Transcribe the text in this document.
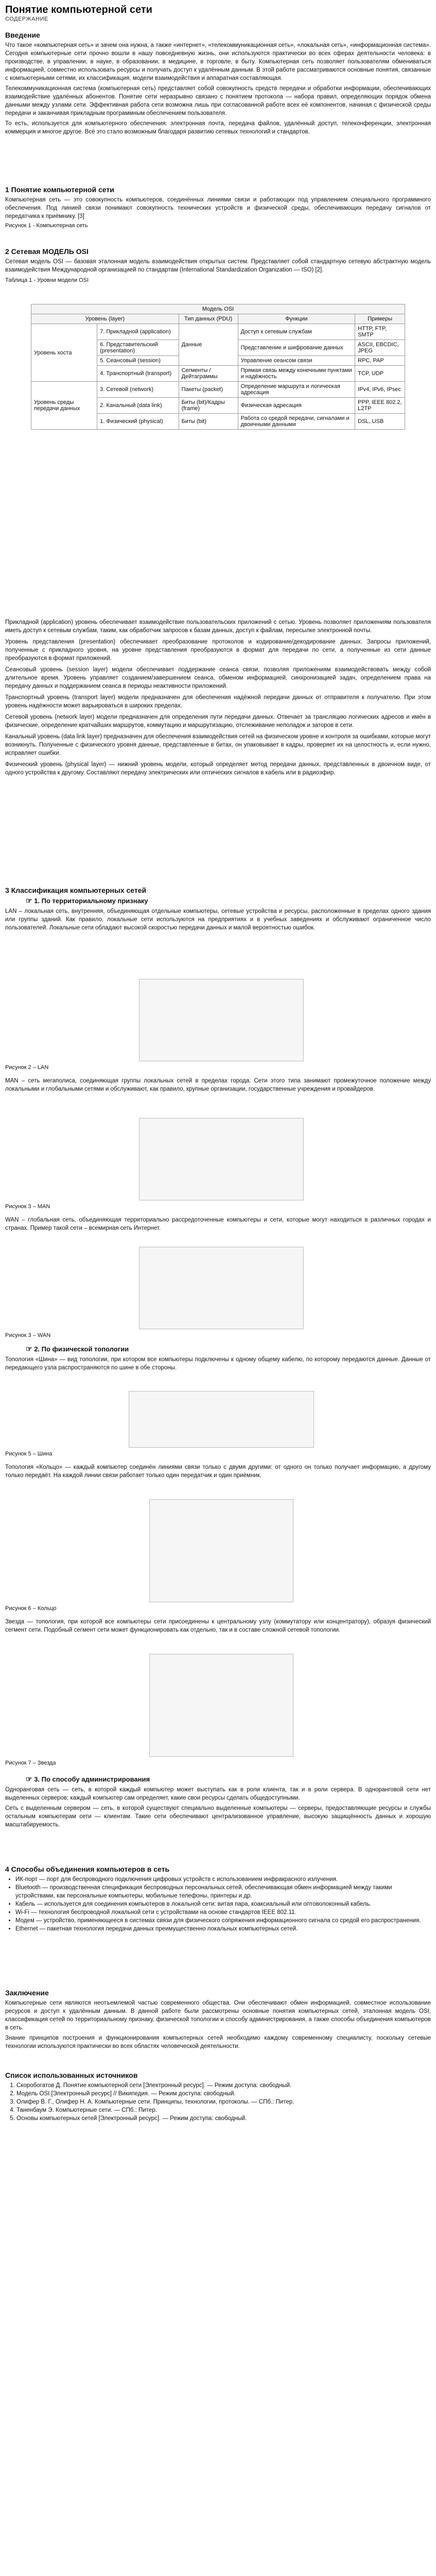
Понятие компьютерной сети
СОДЕРЖАНИЕ
Введение

Что такое «компьютерная сеть» и зачем она нужна, а также «интернет», «телекоммуникационная сеть», «локальная сеть», «информационная система». Сегодня компьютерные сети прочно вошли в нашу повседневную жизнь, они используются практически во всех сферах деятельности человека: в производстве, в управлении, в науке, в образовании, в медицине, в торговле, в быту. Компьютерная сеть позволяет пользователям обмениваться информацией, совместно использовать ресурсы и получать доступ к удалённым данным. В этой работе рассматриваются основные понятия, связанные с компьютерными сетями, их классификация, модели взаимодействия и аппаратная составляющая.

Телекоммуникационная система (компьютерная сеть) представляет собой совокупность средств передачи и обработки информации, обеспечивающих взаимодействие удалённых абонентов. Понятие сети неразрывно связано с понятием протокола — набора правил, определяющих порядок обмена данными между узлами сети. Эффективная работа сети возможна лишь при согласованной работе всех её компонентов, начиная с физической среды передачи и заканчивая прикладным программным обеспечением пользователя.

То есть, используется для компьютерного обеспечения: электронная почта, передача файлов, удалённый доступ, телеконференции, электронная коммерция и многое другое. Всё это стало возможным благодаря развитию сетевых технологий и стандартов.

1 Понятие компьютерной сети

Компьютерная сеть — это совокупность компьютеров, соединённых линиями связи и работающих под управлением специального программного обеспечения. Под линией связи понимают совокупность технических устройств и физической среды, обеспечивающих передачу сигналов от передатчика к приёмнику. [3]

Рисунок 1 - Компьютерная сеть

2 Сетевая МОДЕЛЬ OSI

Сетевая модель OSI — базовая эталонная модель взаимодействия открытых систем. Представляет собой стандартную сетевую абстрактную модель взаимодействия Международной организацией по стандартам (International Standardization Organization — ISO) [2].

Таблица 1 - Уровни модели OSI

Модель OSI				
Уровень (layer)		Тип данных (PDU)	Функции	Примеры
Уровень хоста	7. Прикладной (application)	Данные	Доступ к сетевым службам	HTTP, FTP, SMTP
	6. Представительский (presentation)		Представление и шифрование данных	ASCII, EBCDIC, JPEG
	5. Сеансовый (session)		Управление сеансом связи	RPC, PAP
	4. Транспортный (transport)	Сегменты / Дейтаграммы	Прямая связь между конечными пунктами и надёжность	TCP, UDP
Уровень среды передачи данных	3. Сетевой (network)	Пакеты (packet)	Определение маршрута и логическая адресация	IPv4, IPv6, IPsec
	2. Канальный (data link)	Биты (bit)/Кадры (frame)	Физическая адресация	PPP, IEEE 802.2, L2TP
	1. Физический (physical)	Биты (bit)	Работа со средой передачи, сигналами и двоичными данными	DSL, USB

Прикладной (application) уровень обеспечивает взаимодействие пользовательских приложений с сетью. Уровень позволяет приложениям пользователя иметь доступ к сетевым службам, таким, как обработчик запросов к базам данных, доступ к файлам, пересылке электронной почты.

Уровень представления (presentation) обеспечивает преобразование протоколов и кодирование/декодирование данных. Запросы приложений, полученные с прикладного уровня, на уровне представления преобразуются в формат для передачи по сети, а полученные из сети данные преобразуются в формат приложений.

Сеансовый уровень (session layer) модели обеспечивает поддержание сеанса связи, позволяя приложениям взаимодействовать между собой длительное время. Уровень управляет созданием/завершением сеанса, обменом информацией, синхронизацией задач, определением права на передачу данных и поддержанием сеанса в периоды неактивности приложений.

Транспортный уровень (transport layer) модели предназначен для обеспечения надёжной передачи данных от отправителя к получателю. При этом уровень надёжности может варьироваться в широких пределах.

Сетевой уровень (network layer) модели предназначен для определения пути передачи данных. Отвечает за трансляцию логических адресов и имён в физические, определение кратчайших маршрутов, коммутацию и маршрутизацию, отслеживание неполадок и заторов в сети.

Канальный уровень (data link layer) предназначен для обеспечения взаимодействия сетей на физическом уровне и контроля за ошибками, которые могут возникнуть. Полученные с физического уровня данные, представленные в битах, он упаковывает в кадры, проверяет их на целостность и, если нужно, исправляет ошибки.

Физический уровень (physical layer) — нижний уровень модели, который определяет метод передачи данных, представленных в двоичном виде, от одного устройства к другому. Составляют передачу электрических или оптических сигналов в кабель или в радиоэфир.

3 Классификация компьютерных сетей
☞ 1. По территориальному признаку

LAN – локальная сеть, внутренняя, объединяющая отдельные компьютеры, сетевые устройства и ресурсы, расположенные в пределах одного здания или группы зданий. Как правило, локальные сети используются на предприятиях и в учебных заведениях и обслуживают ограниченное число пользователей. Локальные сети обладают высокой скоростью передачи данных и малой вероятностью ошибок.

Рисунок 2 – LAN

MAN – сеть мегаполиса, соединяющая группы локальных сетей в пределах города. Сети этого типа занимают промежуточное положение между локальными и глобальными сетями и обслуживают, как правило, крупные организации, государственные учреждения и провайдеров.

Рисунок 3 – MAN

WAN – глобальная сеть, объединяющая территориально рассредоточенные компьютеры и сети, которые могут находиться в различных городах и странах. Пример такой сети – всемирная сеть Интернет.

Рисунок 3 – WAN

☞ 2. По физической топологии

Топология «Шина» — вид топологии, при котором все компьютеры подключены к одному общему кабелю, по которому передаются данные. Данные от передающего узла распространяются по шине в обе стороны.

Рисунок 5 – Шина

Топология «Кольцо» — каждый компьютер соединён линиями связи только с двумя другими: от одного он только получает информацию, а другому только передаёт. На каждой линии связи работает только один передатчик и один приёмник.

Рисунок 6 – Кольцо

Звезда — топология, при которой все компьютеры сети присоединены к центральному узлу (коммутатору или концентратору), образуя физический сегмент сети. Подобный сегмент сети может функционировать как отдельно, так и в составе сложной сетевой топологии.

Рисунок 7 – Звезда

☞ 3. По способу администрирования

Одноранговая сеть — сеть, в которой каждый компьютер может выступать как в роли клиента, так и в роли сервера. В одноранговой сети нет выделенных серверов; каждый компьютер сам определяет, какие свои ресурсы сделать общедоступными.

Сеть с выделенным сервером — сеть, в которой существуют специально выделенные компьютеры — серверы, предоставляющие ресурсы и службы остальным компьютерам сети — клиентам. Такие сети обеспечивают централизованное управление, высокую защищённость данных и хорошую масштабируемость.

4 Способы объединения компьютеров в сеть
• ИК-порт — порт для беспроводного подключения цифровых устройств с использованием инфракрасного излучения.
• Bluetooth — производственная спецификация беспроводных персональных сетей, обеспечивающая обмен информацией между такими устройствами, как персональные компьютеры, мобильные телефоны, принтеры и др.
• Кабель — используется для соединения компьютеров в локальной сети: витая пара, коаксиальный или оптоволоконный кабель.
• Wi-Fi — технология беспроводной локальной сети с устройствами на основе стандартов IEEE 802.11.
• Модем — устройство, применяющееся в системах связи для физического сопряжения информационного сигнала со средой его распространения.
• Ethernet — пакетная технология передачи данных преимущественно локальных компьютерных сетей.
Заключение

Компьютерные сети являются неотъемлемой частью современного общества. Они обеспечивают обмен информацией, совместное использование ресурсов и доступ к удалённым данным. В данной работе были рассмотрены основные понятия компьютерных сетей, эталонная модель OSI, классификация сетей по территориальному признаку, физической топологии и способу администрирования, а также способы объединения компьютеров в сеть.

Знание принципов построения и функционирования компьютерных сетей необходимо каждому современному специалисту, поскольку сетевые технологии используются практически во всех областях человеческой деятельности.

Список использованных источников
1. Скоробогатов Д. Понятие компьютерной сети [Электронный ресурс]. — Режим доступа: свободный.
2. Модель OSI [Электронный ресурс] // Википедия. — Режим доступа: свободный.
3. Олифер В. Г., Олифер Н. А. Компьютерные сети. Принципы, технологии, протоколы. — СПб.: Питер.
4. Таненбаум Э. Компьютерные сети. — СПб.: Питер.
5. Основы компьютерных сетей [Электронный ресурс]. — Режим доступа: свободный.
